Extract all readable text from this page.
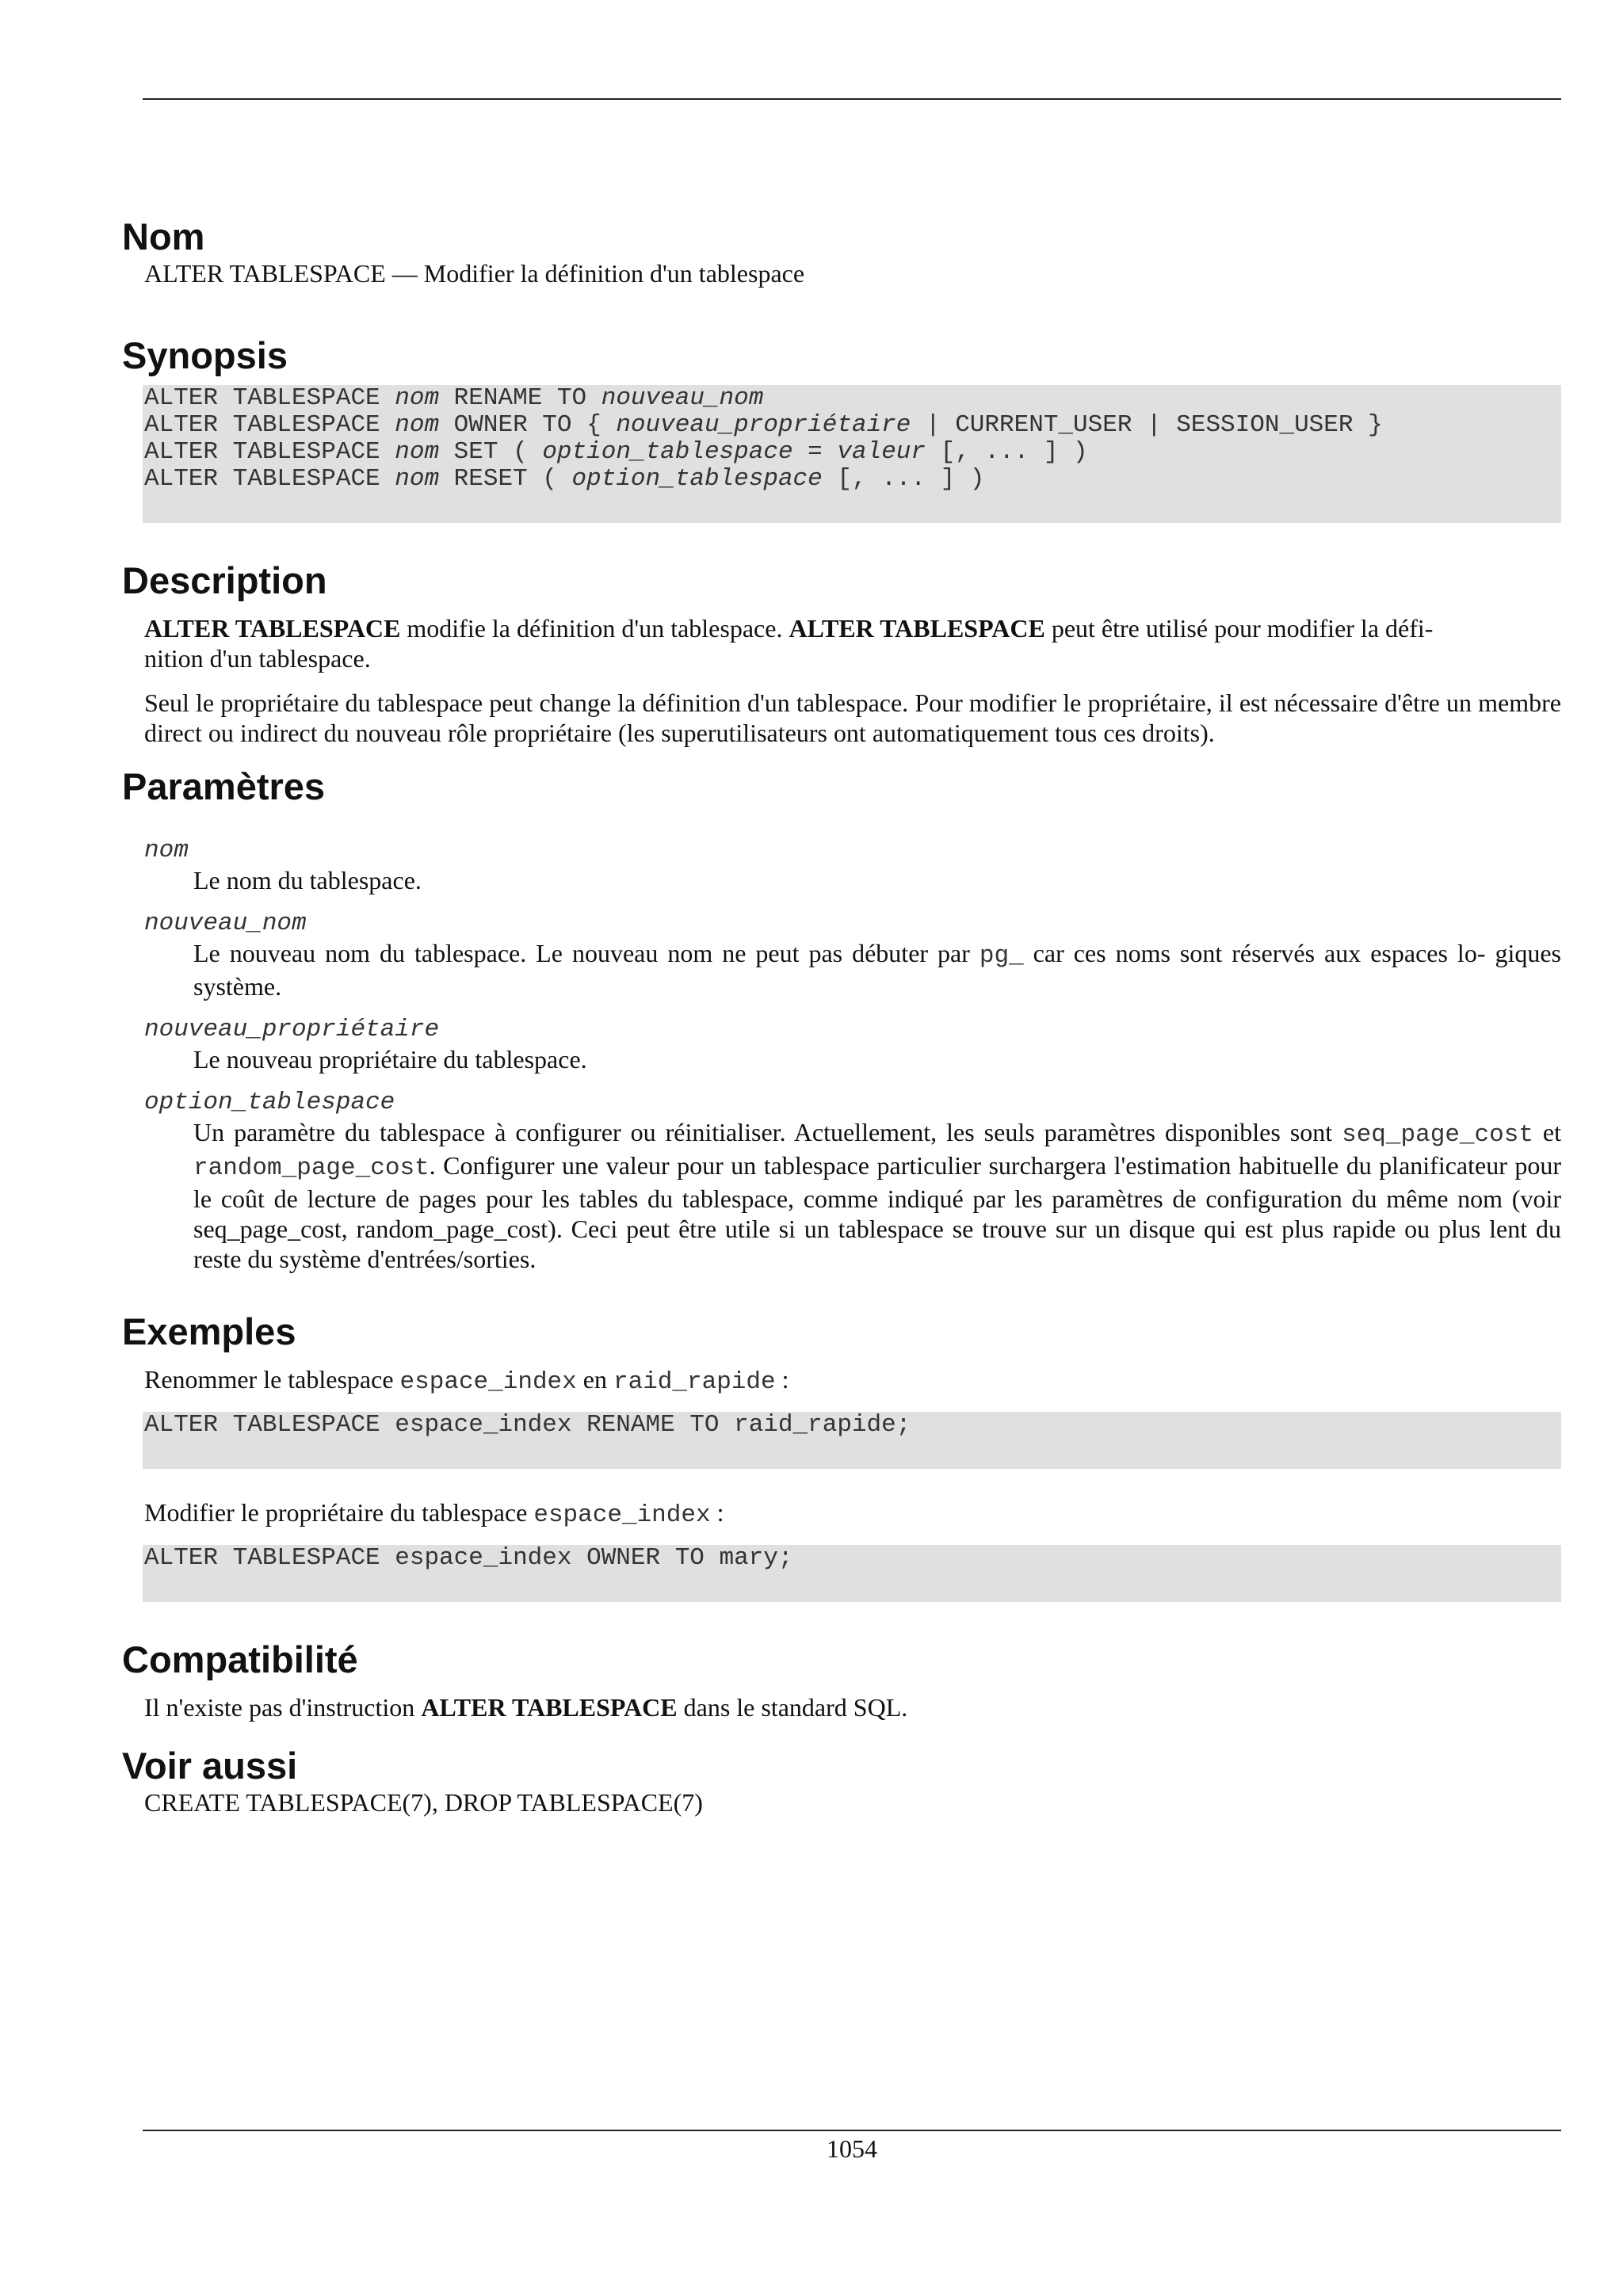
Nom

ALTER TABLESPACE — Modifier la définition d'un tablespace

Synopsis
ALTER TABLESPACE nom RENAME TO nouveau_nom
ALTER TABLESPACE nom OWNER TO { nouveau_propriétaire | CURRENT_USER | SESSION_USER }
ALTER TABLESPACE nom SET ( option_tablespace = valeur [, ... ] )
ALTER TABLESPACE nom RESET ( option_tablespace [, ... ] )
Description

ALTER TABLESPACE modifie la définition d'un tablespace. ALTER TABLESPACE peut être utilisé pour modifier la défi-
nition d'un tablespace.

Seul le propriétaire du tablespace peut change la définition d'un tablespace. Pour modifier le propriétaire, il est nécessaire d'être un membre direct ou indirect du nouveau rôle propriétaire (les superutilisateurs ont automatiquement tous ces droits).

Paramètres
nom
Le nom du tablespace.
nouveau_nom
Le nouveau nom du tablespace. Le nouveau nom ne peut pas débuter par pg_ car ces noms sont réservés aux espaces lo- giques système.
nouveau_propriétaire
Le nouveau propriétaire du tablespace.
option_tablespace
Un paramètre du tablespace à configurer ou réinitialiser. Actuellement, les seuls paramètres disponibles sont seq_page_cost et random_page_cost. Configurer une valeur pour un tablespace particulier surchargera l'estimation habituelle du planificateur pour le coût de lecture de pages pour les tables du tablespace, comme indiqué par les paramètres de configuration du même nom (voir seq_page_cost, random_page_cost). Ceci peut être utile si un tablespace se trouve sur un disque qui est plus rapide ou plus lent du reste du système d'entrées/sorties.
Exemples

Renommer le tablespace espace_index en raid_rapide :

ALTER TABLESPACE espace_index RENAME TO raid_rapide;

Modifier le propriétaire du tablespace espace_index :

ALTER TABLESPACE espace_index OWNER TO mary;
Compatibilité

Il n'existe pas d'instruction ALTER TABLESPACE dans le standard SQL.

Voir aussi

CREATE TABLESPACE(7), DROP TABLESPACE(7)

1054
